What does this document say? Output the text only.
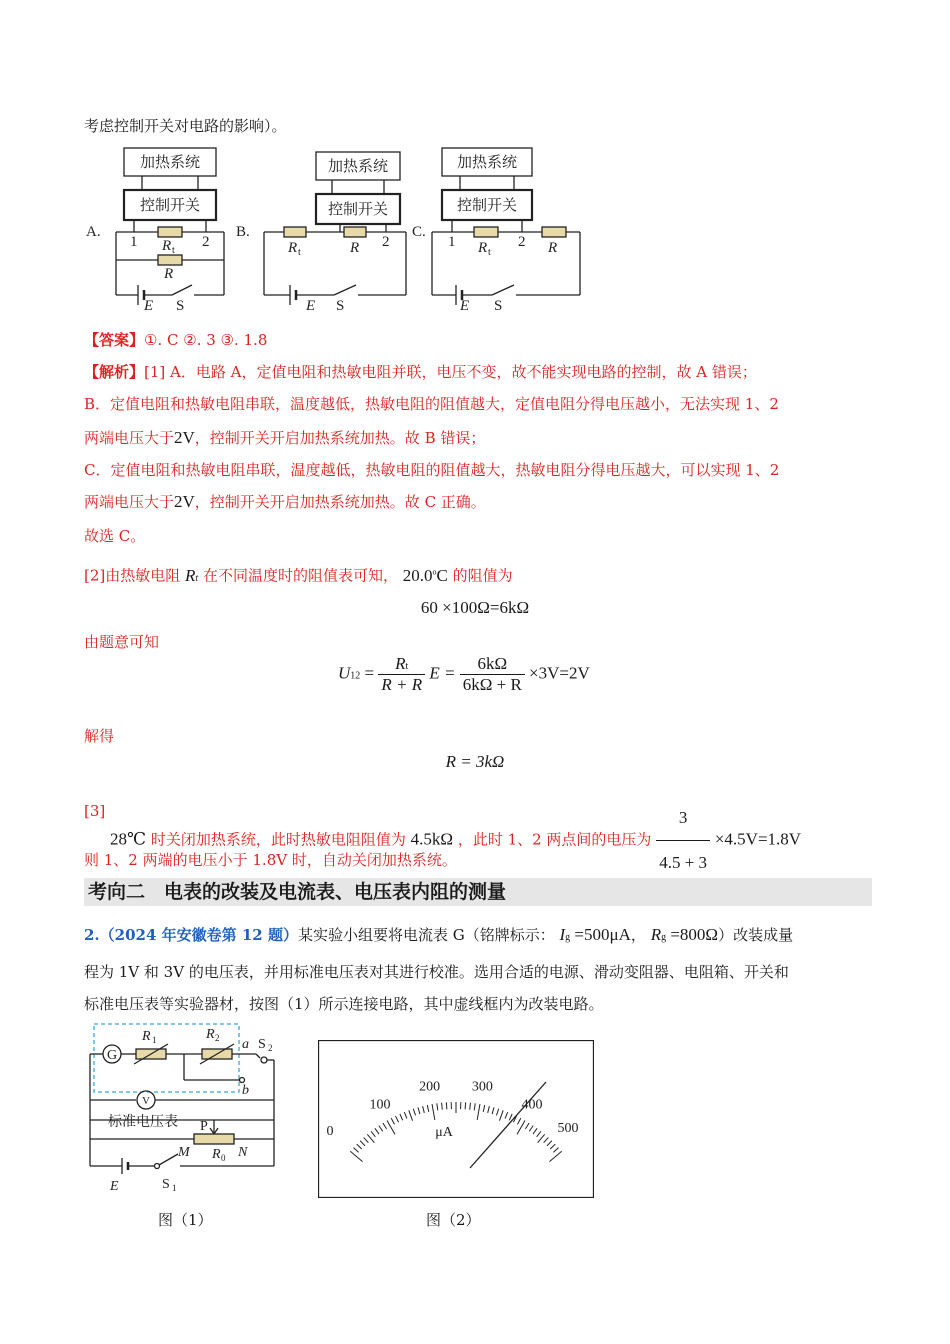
考虑控制开关对电路的影响）。
加热系统
控制开关
加热系统
控制开关
加热系统
控制开关
A.	B.	C.
1	2
R t
R
E S
2
R t	R
E S
1	2
R t	R
E S
【答案】①. C ②. 3 ③. 1.8
【解析】[1] A．电路 A，定值电阻和热敏电阻并联，电压不变，故不能实现电路的控制，故 A 错误；
B．定值电阻和热敏电阻串联，温度越低，热敏电阻的阻值越大，定值电阻分得电压越小，无法实现 1、2
两端电压大于2V，控制开关开启加热系统加热。故 B 错误；
C．定值电阻和热敏电阻串联，温度越低，热敏电阻的阻值越大，热敏电阻分得电压越大，可以实现 1、2
两端电压大于2V，控制开关开启加热系统加热。故 C 正确。
故选 C。
[2]由热敏电阻 Rt 在不同温度时的阻值表可知， 20.0$^o$C 的阻值为
60 ×100Ω=6kΩ
由题意可知
$U12 = \frac{Rt}{R + R}$ $E = \frac{6k\Omega}{6k\Omega + R} \times 3V=2V$
解得
R = 3kΩ
[3] 28℃ 时关闭加热系统，此时热敏电阻阻值为 4.5kΩ ，此时 1、2 两点间的电压为 $\frac{3}{4.5 + 3} \times 4.5V=1.8V$
则 1、2 两端的电压小于 1.8V 时，自动关闭加热系统。
考向二　电表的改装及电流表、电压表内阻的测量
2.（2024 年安徽卷第 12 题）某实验小组要将电流表 G（铭牌标示： Ig =500μA， Rg =800Ω）改装成量
程为 1V 和 3V 的电压表，并用标准电压表对其进行校准。选用合适的电源、滑动变阻器、电阻箱、开关和
标准电压表等实验器材，按图（1）所示连接电路，其中虚线框内为改装电路。
G
V
R 1	R 2 a
b
S 2
标准电压表 P
M	N
R 0
E	S 1
图（1）
0
100
200 300
400
500
μA
图（2）
